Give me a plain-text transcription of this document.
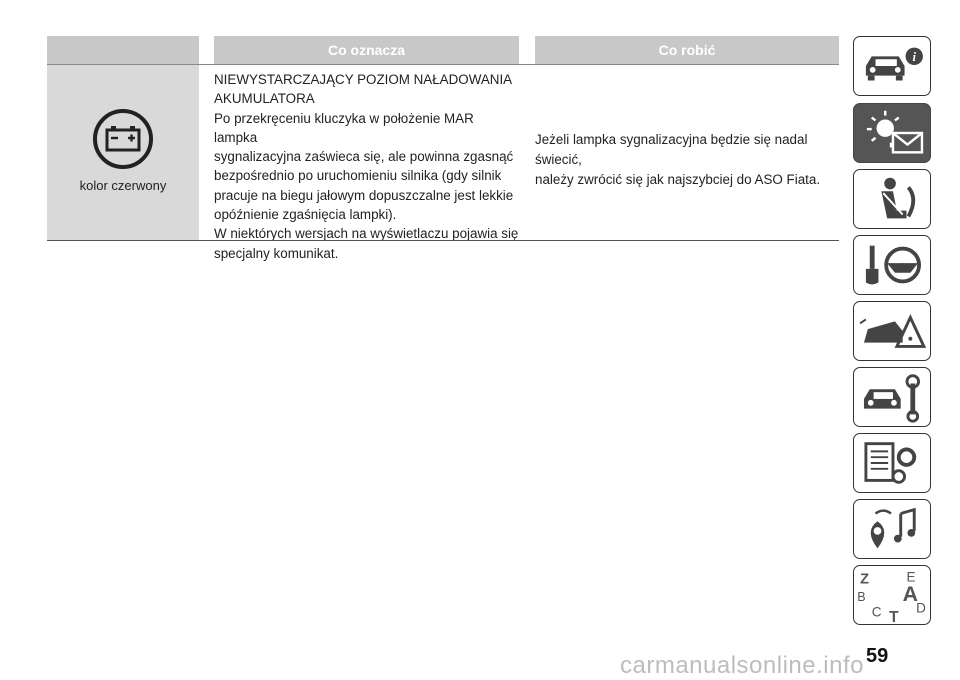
Co oznacza	Co robić
kolor czerwony

NIEWYSTARCZAJĄCY POZIOM NAŁADOWANIA

AKUMULATORA

Po przekręceniu kluczyka w położenie MAR lampka

sygnalizacyjna zaświeca się, ale powinna zgasnąć

bezpośrednio po uruchomieniu silnika (gdy silnik

pracuje na biegu jałowym dopuszczalne jest lekkie

opóźnienie zgaśnięcia lampki).

W niektórych wersjach na wyświetlaczu pojawia się

specjalny komunikat.

Jeżeli lampka sygnalizacyjna będzie się nadal świecić,
należy zwrócić się jak najszybciej do ASO Fiata.
i
Z	E
B A
C D
T
59
carmanualsonline.info
